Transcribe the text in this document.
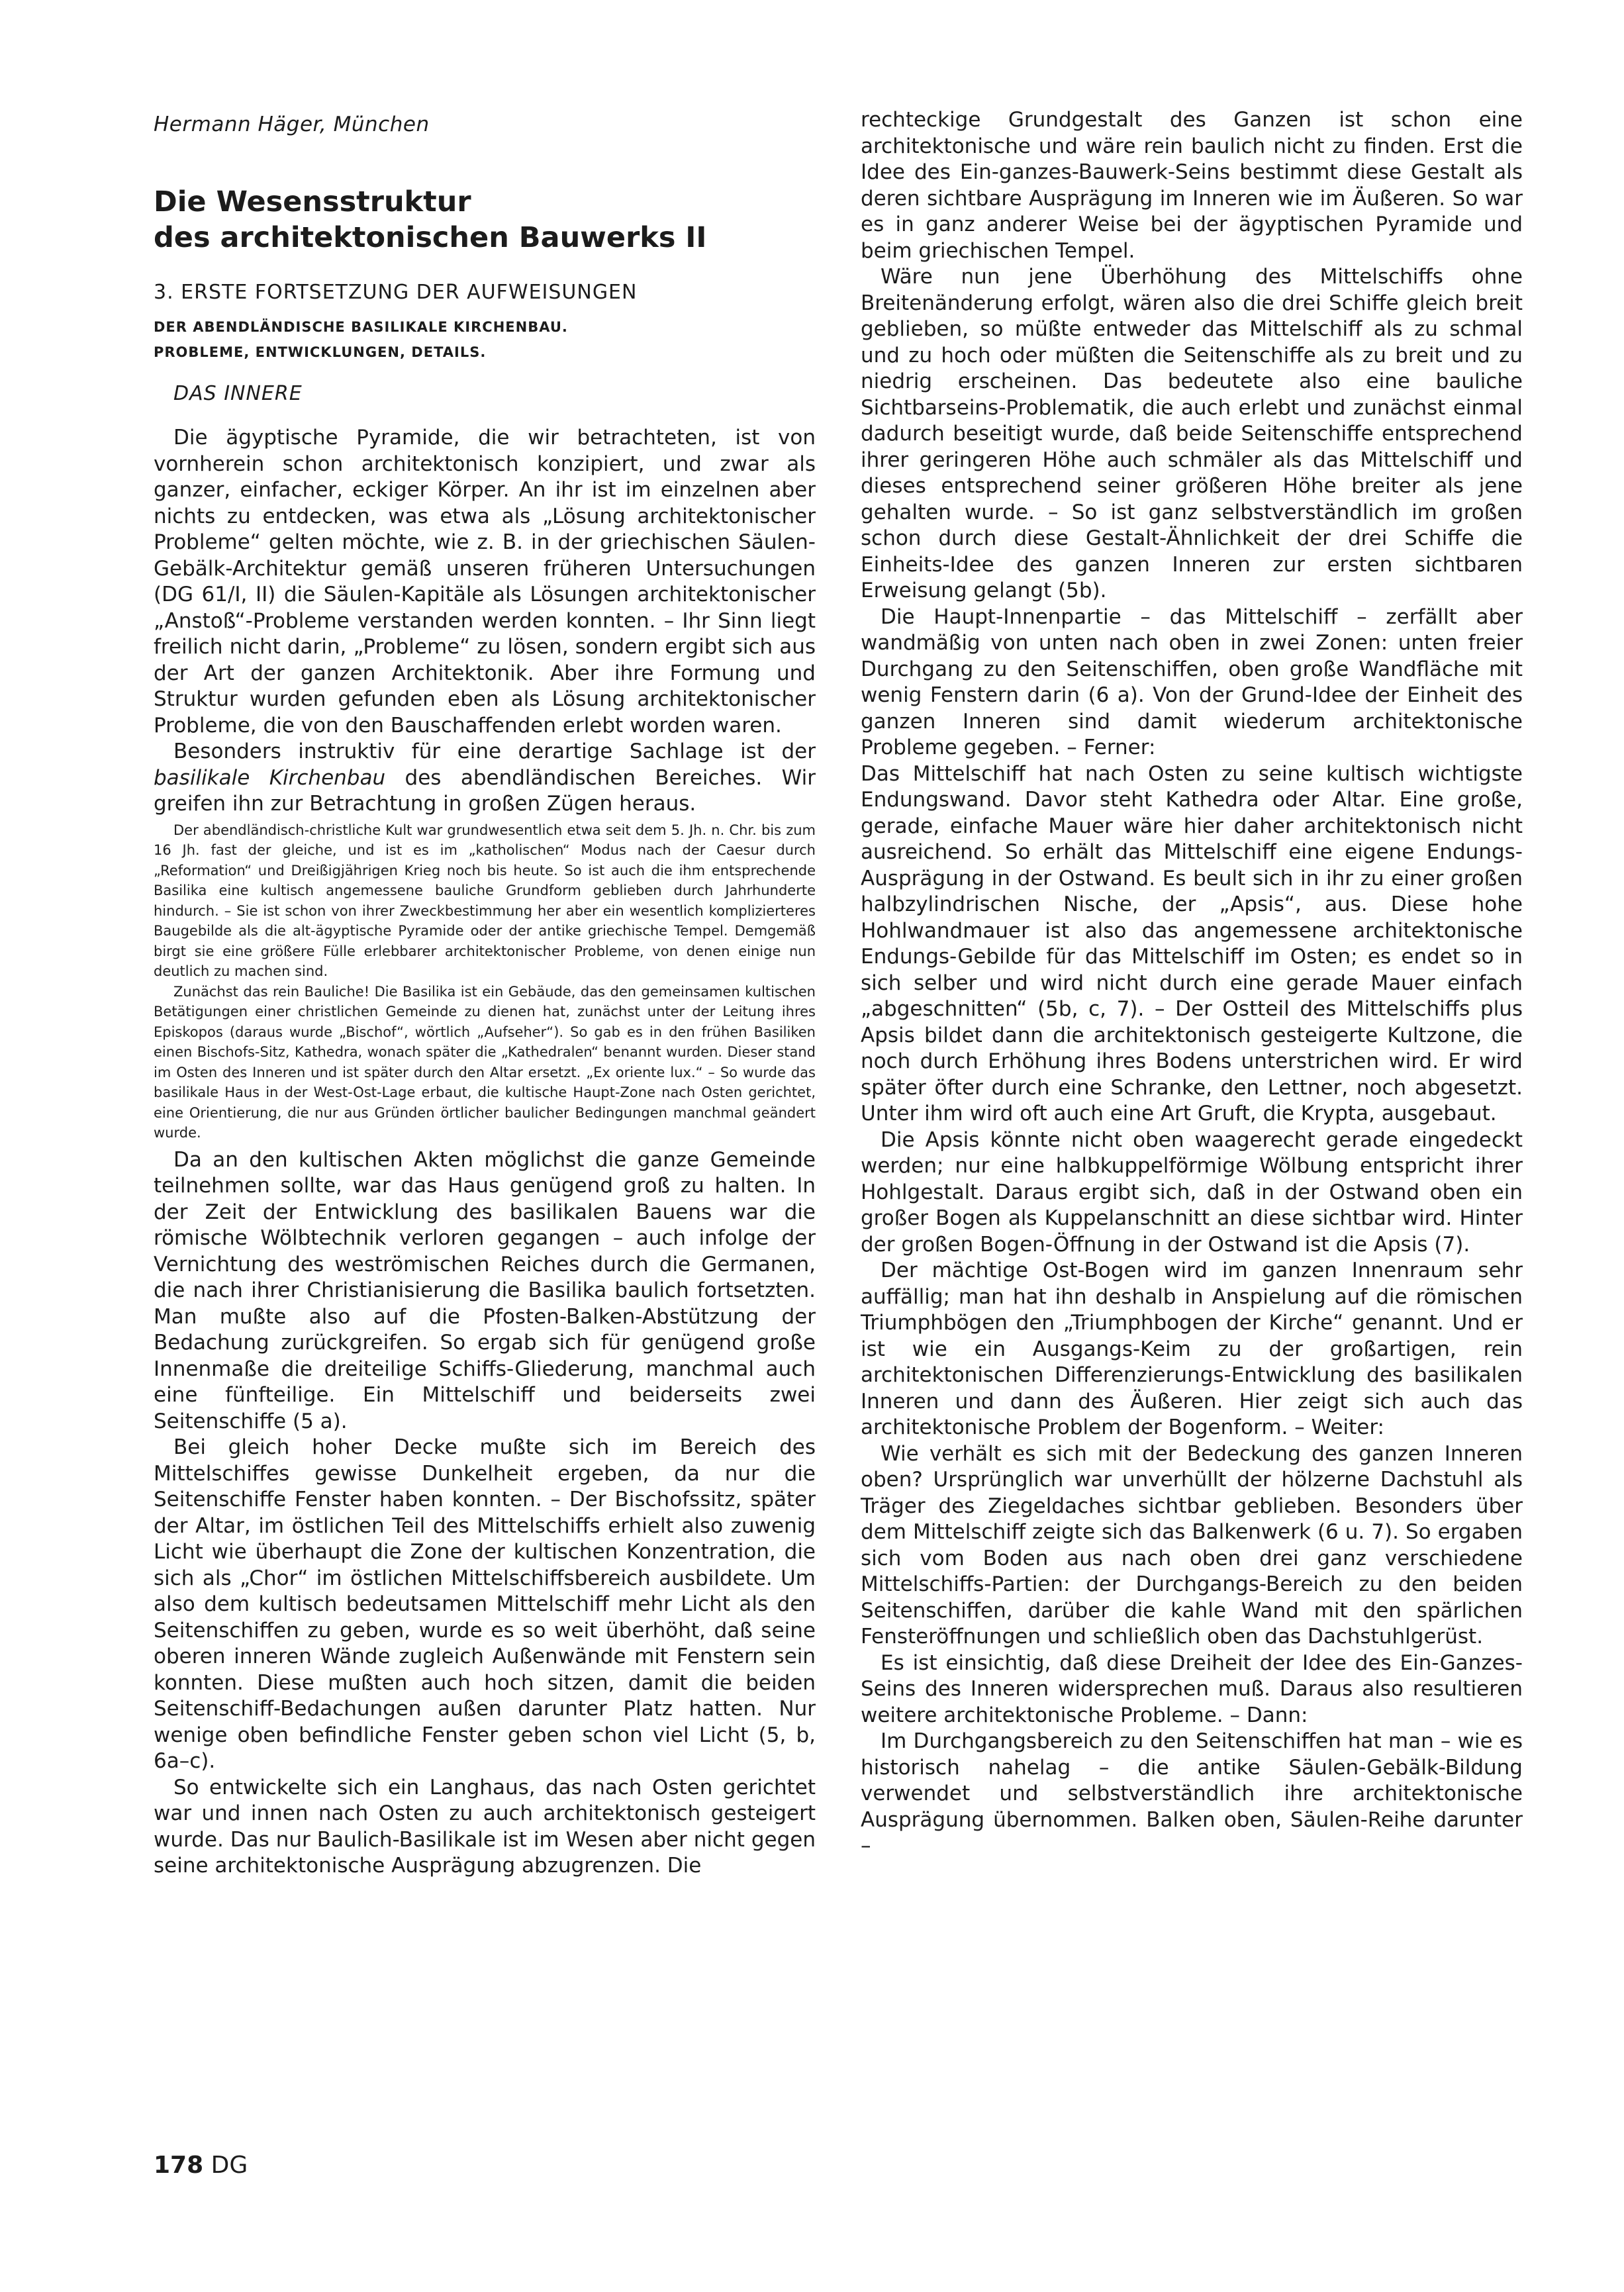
Hermann Häger, München
Die Wesensstruktur
des architektonischen Bauwerks II
3. ERSTE FORTSETZUNG DER AUFWEISUNGEN
DER ABENDLÄNDISCHE BASILIKALE KIRCHENBAU.
PROBLEME, ENTWICKLUNGEN, DETAILS.
DAS INNERE

Die ägyptische Pyramide, die wir betrachteten, ist von vornherein schon architektonisch konzipiert, und zwar als ganzer, einfacher, eckiger Körper. An ihr ist im einzelnen aber nichts zu entdecken, was etwa als „Lösung architektonischer Probleme“ gelten möchte, wie z. B. in der griechischen Säulen-Gebälk-Architektur gemäß unseren früheren Untersuchungen (DG 61/I, II) die Säulen-Kapitäle als Lösungen architektonischer „Anstoß“-Probleme verstanden werden konnten. – Ihr Sinn liegt freilich nicht darin, „Probleme“ zu lösen, sondern ergibt sich aus der Art der ganzen Architektonik. Aber ihre Formung und Struktur wurden gefunden eben als Lösung architektonischer Probleme, die von den Bauschaffenden erlebt worden waren.

Besonders instruktiv für eine derartige Sachlage ist der basilikale Kirchenbau des abendländischen Bereiches. Wir greifen ihn zur Betrachtung in großen Zügen heraus.

Der abendländisch-christliche Kult war grundwesentlich etwa seit dem 5. Jh. n. Chr. bis zum 16 Jh. fast der gleiche, und ist es im „katholischen“ Modus nach der Caesur durch „Reformation“ und Dreißigjährigen Krieg noch bis heute. So ist auch die ihm entsprechende Basilika eine kultisch angemessene bauliche Grundform geblieben durch Jahrhunderte hindurch. – Sie ist schon von ihrer Zweckbestimmung her aber ein wesentlich komplizierteres Baugebilde als die alt-ägyptische Pyramide oder der antike griechische Tempel. Demgemäß birgt sie eine größere Fülle erlebbarer architektonischer Probleme, von denen einige nun deutlich zu machen sind.

Zunächst das rein Bauliche! Die Basilika ist ein Gebäude, das den gemeinsamen kultischen Betätigungen einer christlichen Gemeinde zu dienen hat, zunächst unter der Leitung ihres Episkopos (daraus wurde „Bischof“, wörtlich „Aufseher“). So gab es in den frühen Basiliken einen Bischofs-Sitz, Kathedra, wonach später die „Kathedralen“ benannt wurden. Dieser stand im Osten des Inneren und ist später durch den Altar ersetzt. „Ex oriente lux.“ – So wurde das basilikale Haus in der West-Ost-Lage erbaut, die kultische Haupt-Zone nach Osten gerichtet, eine Orientierung, die nur aus Gründen örtlicher baulicher Bedingungen manchmal geändert wurde.

Da an den kultischen Akten möglichst die ganze Gemeinde teilnehmen sollte, war das Haus genügend groß zu halten. In der Zeit der Entwicklung des basilikalen Bauens war die römische Wölbtechnik verloren gegangen – auch infolge der Vernichtung des weströmischen Reiches durch die Germanen, die nach ihrer Christianisierung die Basilika baulich fortsetzten. Man mußte also auf die Pfosten-Balken-Abstützung der Bedachung zurückgreifen. So ergab sich für genügend große Innenmaße die dreiteilige Schiffs-Gliederung, manchmal auch eine fünfteilige. Ein Mittelschiff und beiderseits zwei Seitenschiffe (5 a).

Bei gleich hoher Decke mußte sich im Bereich des Mittelschiffes gewisse Dunkelheit ergeben, da nur die Seitenschiffe Fenster haben konnten. – Der Bischofssitz, später der Altar, im östlichen Teil des Mittelschiffs erhielt also zuwenig Licht wie überhaupt die Zone der kultischen Konzentration, die sich als „Chor“ im östlichen Mittelschiffsbereich ausbildete. Um also dem kultisch bedeutsamen Mittelschiff mehr Licht als den Seitenschiffen zu geben, wurde es so weit überhöht, daß seine oberen inneren Wände zugleich Außenwände mit Fenstern sein konnten. Diese mußten auch hoch sitzen, damit die beiden Seitenschiff-Bedachungen außen darunter Platz hatten. Nur wenige oben befindliche Fenster geben schon viel Licht (5, b, 6a–c).

So entwickelte sich ein Langhaus, das nach Osten gerichtet war und innen nach Osten zu auch architektonisch gesteigert wurde. Das nur Baulich-Basilikale ist im Wesen aber nicht gegen seine architektonische Ausprägung abzugrenzen. Die

rechteckige Grundgestalt des Ganzen ist schon eine architektonische und wäre rein baulich nicht zu finden. Erst die Idee des Ein-ganzes-Bauwerk-Seins bestimmt diese Gestalt als deren sichtbare Ausprägung im Inneren wie im Äußeren. So war es in ganz anderer Weise bei der ägyptischen Pyramide und beim griechischen Tempel.

Wäre nun jene Überhöhung des Mittelschiffs ohne Breitenänderung erfolgt, wären also die drei Schiffe gleich breit geblieben, so müßte entweder das Mittelschiff als zu schmal und zu hoch oder müßten die Seitenschiffe als zu breit und zu niedrig erscheinen. Das bedeutete also eine bauliche Sichtbarseins-Problematik, die auch erlebt und zunächst einmal dadurch beseitigt wurde, daß beide Seitenschiffe entsprechend ihrer geringeren Höhe auch schmäler als das Mittelschiff und dieses entsprechend seiner größeren Höhe breiter als jene gehalten wurde. – So ist ganz selbstverständlich im großen schon durch diese Gestalt-Ähnlichkeit der drei Schiffe die Einheits-Idee des ganzen Inneren zur ersten sichtbaren Erweisung gelangt (5b).

Die Haupt-Innenpartie – das Mittelschiff – zerfällt aber wandmäßig von unten nach oben in zwei Zonen: unten freier Durchgang zu den Seitenschiffen, oben große Wandfläche mit wenig Fenstern darin (6 a). Von der Grund-Idee der Einheit des ganzen Inneren sind damit wiederum architektonische Probleme gegeben. – Ferner:

Das Mittelschiff hat nach Osten zu seine kultisch wichtigste Endungswand. Davor steht Kathedra oder Altar. Eine große, gerade, einfache Mauer wäre hier daher architektonisch nicht ausreichend. So erhält das Mittelschiff eine eigene Endungs-Ausprägung in der Ostwand. Es beult sich in ihr zu einer großen halbzylindrischen Nische, der „Apsis“, aus. Diese hohe Hohlwandmauer ist also das angemessene architektonische Endungs-Gebilde für das Mittelschiff im Osten; es endet so in sich selber und wird nicht durch eine gerade Mauer einfach „abgeschnitten“ (5b, c, 7). – Der Ostteil des Mittelschiffs plus Apsis bildet dann die architektonisch gesteigerte Kultzone, die noch durch Erhöhung ihres Bodens unterstrichen wird. Er wird später öfter durch eine Schranke, den Lettner, noch abgesetzt. Unter ihm wird oft auch eine Art Gruft, die Krypta, ausgebaut.

Die Apsis könnte nicht oben waagerecht gerade eingedeckt werden; nur eine halbkuppelförmige Wölbung entspricht ihrer Hohlgestalt. Daraus ergibt sich, daß in der Ostwand oben ein großer Bogen als Kuppelanschnitt an diese sichtbar wird. Hinter der großen Bogen-Öffnung in der Ostwand ist die Apsis (7).

Der mächtige Ost-Bogen wird im ganzen Innenraum sehr auffällig; man hat ihn deshalb in Anspielung auf die römischen Triumphbögen den „Triumphbogen der Kirche“ genannt. Und er ist wie ein Ausgangs-Keim zu der großartigen, rein architektonischen Differenzierungs-Entwicklung des basilikalen Inneren und dann des Äußeren. Hier zeigt sich auch das architektonische Problem der Bogenform. – Weiter:

Wie verhält es sich mit der Bedeckung des ganzen Inneren oben? Ursprünglich war unverhüllt der hölzerne Dachstuhl als Träger des Ziegeldaches sichtbar geblieben. Besonders über dem Mittelschiff zeigte sich das Balkenwerk (6 u. 7). So ergaben sich vom Boden aus nach oben drei ganz verschiedene Mittelschiffs-Partien: der Durchgangs-Bereich zu den beiden Seitenschiffen, darüber die kahle Wand mit den spärlichen Fensteröffnungen und schließlich oben das Dachstuhlgerüst.

Es ist einsichtig, daß diese Dreiheit der Idee des Ein-Ganzes-Seins des Inneren widersprechen muß. Daraus also resultieren weitere architektonische Probleme. – Dann:

Im Durchgangsbereich zu den Seitenschiffen hat man – wie es historisch nahelag – die antike Säulen-Gebälk-Bildung verwendet und selbstverständlich ihre architektonische Ausprägung übernommen. Balken oben, Säulen-Reihe darunter –

178 DG
